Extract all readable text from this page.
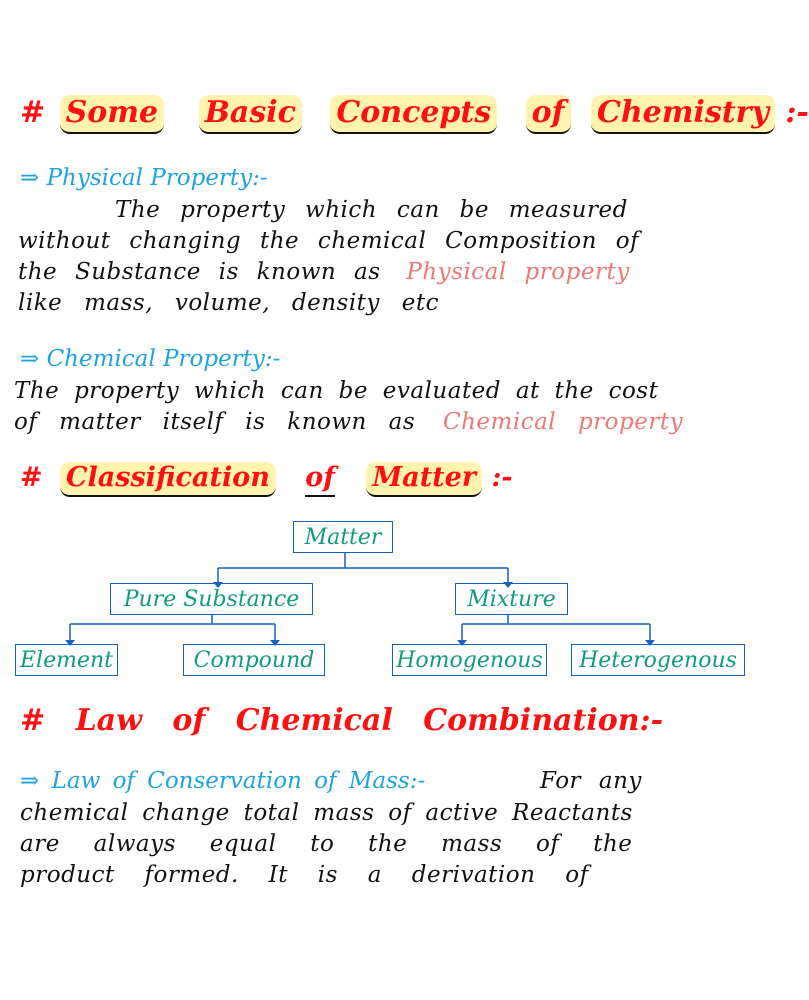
# Some Basic Concepts of Chemistry :-
⇒ Physical Property:-
The property which can be measured
without changing the chemical Composition of
the Substance is known as Physical property
like mass, volume, density etc
⇒ Chemical Property:-
The property which can be evaluated at the cost
of matter itself is known as Chemical property
# Classification of Matter :-
Matter
Pure Substance	Mixture
Element	Compound	Homogenous	Heterogenous
# Law of Chemical Combination:-
⇒ Law of Conservation of Mass:-	For any
chemical change total mass of active Reactants
are always equal to the mass of the
product formed. It is a derivation of
